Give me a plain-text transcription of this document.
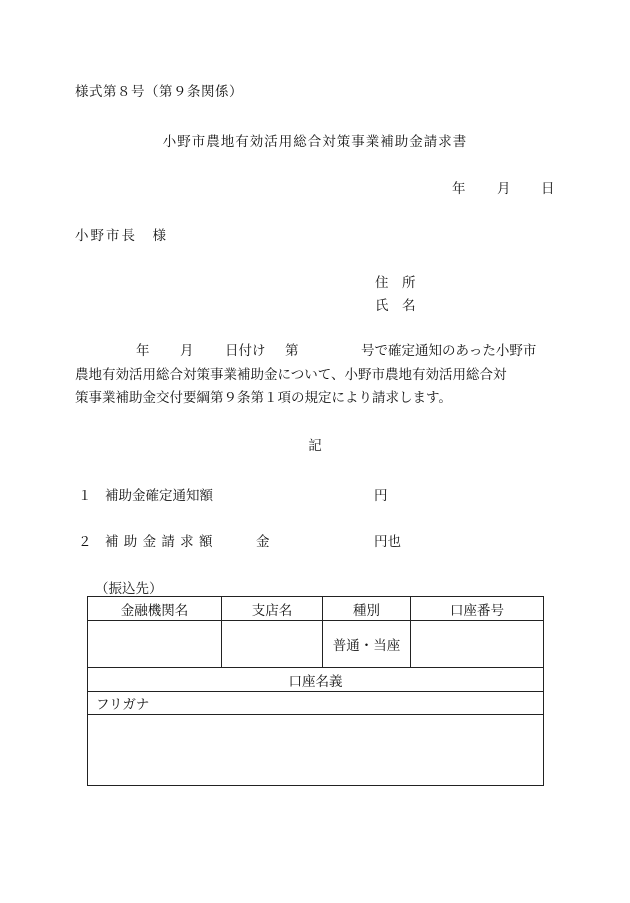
様式第８号（第９条関係）
小野市農地有効活用総合対策事業補助金請求書
年 月 日
小野市長　様
住　所
氏　名
年 月 日付け 第	号で確定通知のあった小野市
農地有効活用総合対策事業補助金について、小野市農地有効活用総合対
策事業補助金交付要綱第９条第１項の規定により請求します。
記
１ 補助金確定通知額	円
２ 補 助 金 請 求 額	金	円也
（振込先）
金融機関名	支店名	種別	口座番号
		普通・当座	
口座名義			
フリガナ			
